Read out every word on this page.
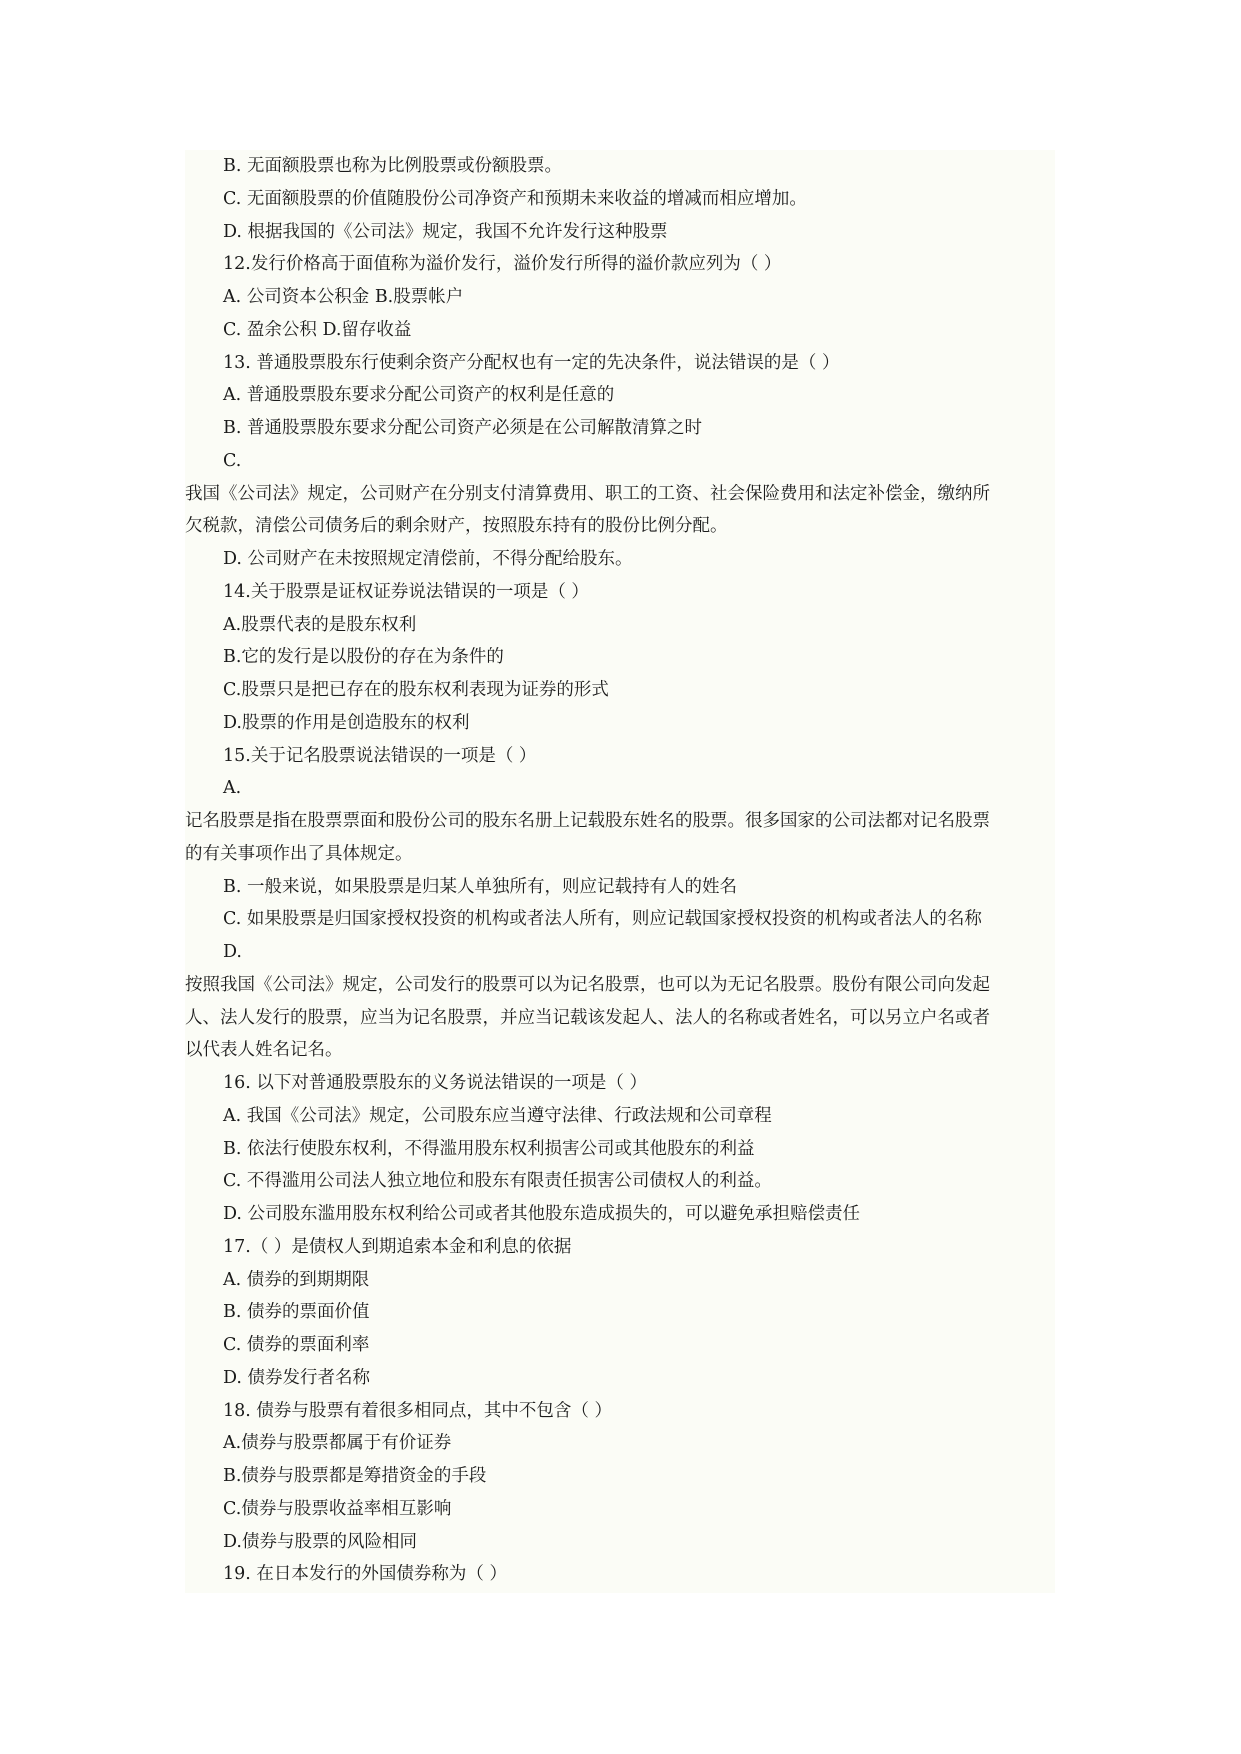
B. 无面额股票也称为比例股票或份额股票。
C. 无面额股票的价值随股份公司净资产和预期未来收益的增减而相应增加。
D. 根据我国的《公司法》规定，我国不允许发行这种股票
12.发行价格高于面值称为溢价发行，溢价发行所得的溢价款应列为（ ）
A. 公司资本公积金 B.股票帐户
C. 盈余公积 D.留存收益
13. 普通股票股东行使剩余资产分配权也有一定的先决条件，说法错误的是（ ）
A. 普通股票股东要求分配公司资产的权利是任意的
B. 普通股票股东要求分配公司资产必须是在公司解散清算之时
C.
我国《公司法》规定，公司财产在分别支付清算费用、职工的工资、社会保险费用和法定补偿金，缴纳所
欠税款，清偿公司债务后的剩余财产，按照股东持有的股份比例分配。
D. 公司财产在未按照规定清偿前，不得分配给股东。
14.关于股票是证权证券说法错误的一项是（ ）
A.股票代表的是股东权利
B.它的发行是以股份的存在为条件的
C.股票只是把已存在的股东权利表现为证券的形式
D.股票的作用是创造股东的权利
15.关于记名股票说法错误的一项是（ ）
A.
记名股票是指在股票票面和股份公司的股东名册上记载股东姓名的股票。很多国家的公司法都对记名股票
的有关事项作出了具体规定。
B. 一般来说，如果股票是归某人单独所有，则应记载持有人的姓名
C. 如果股票是归国家授权投资的机构或者法人所有，则应记载国家授权投资的机构或者法人的名称
D.
按照我国《公司法》规定，公司发行的股票可以为记名股票，也可以为无记名股票。股份有限公司向发起
人、法人发行的股票，应当为记名股票，并应当记载该发起人、法人的名称或者姓名，可以另立户名或者
以代表人姓名记名。
16. 以下对普通股票股东的义务说法错误的一项是（ ）
A. 我国《公司法》规定，公司股东应当遵守法律、行政法规和公司章程
B. 依法行使股东权利，不得滥用股东权利损害公司或其他股东的利益
C. 不得滥用公司法人独立地位和股东有限责任损害公司债权人的利益。
D. 公司股东滥用股东权利给公司或者其他股东造成损失的，可以避免承担赔偿责任
17.（ ）是债权人到期追索本金和利息的依据
A. 债券的到期期限
B. 债券的票面价值
C. 债券的票面利率
D. 债券发行者名称
18. 债券与股票有着很多相同点，其中不包含（ ）
A.债券与股票都属于有价证券
B.债券与股票都是筹措资金的手段
C.债券与股票收益率相互影响
D.债券与股票的风险相同
19. 在日本发行的外国债券称为（ ）
